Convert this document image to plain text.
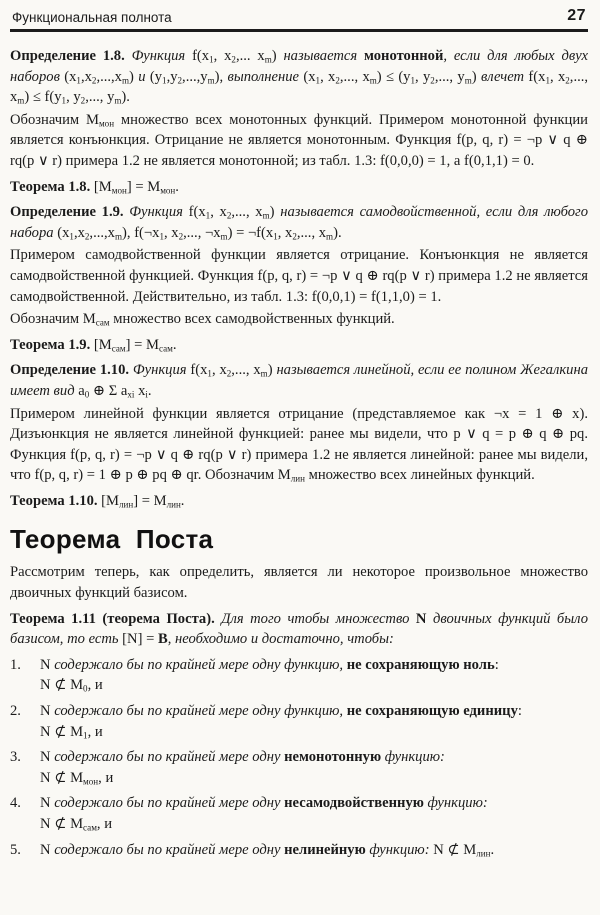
Функциональная полнота	27

Определение 1.8. Функция $f(x_1$, $x_2$,... $x_m$) называется монотонной, если для любых двух наборов $(x_1,x_2,...,x_m)$ и $(y_1,y_2,...,y_m)$, выполнение ($x_1$, $x_2$,..., $x_m) \le (y_1$, $y_2$,..., $y_m$) влечет $f(x_1$, $x_2$,..., $x_m) \le f(y_1$, $y_2$,..., $y_m$).

Обозначим $M_{мон}$ множество всех монотонных функций. Примером монотонной функции является конъюнкция. Отрицание не является монотонным. Функция f(p, q, r) = ¬p ∨ q ⊕ rq(p ∨ r) примера 1.2 не является монотонной; из табл. 1.3: f(0,0,0) = 1, а f(0,1,1) = 0.

Теорема 1.8. $[M_{мон}] = M_{мон}$.

Определение 1.9. Функция $f(x_1$, $x_2$,..., $x_m$) называется самодвойственной, если для любого набора $(x_1,x_2,...,x_m)$, $f(\neg x_1$, $x_2$,..., $\neg x_m$) = $\neg f(x_1$, $x_2$,..., $x_m$).

Примером самодвойственной функции является отрицание. Конъюнкция не является самодвойственной функцией. Функция f(p, q, r) = ¬p ∨ q ⊕ rq(p ∨ r) примера 1.2 не является самодвойственной. Действительно, из табл. 1.3: f(0,0,1) = f(1,1,0) = 1.

Обозначим $M_{сам}$ множество всех самодвойственных функций.

Теорема 1.9. $[M_{сам}] = M_{сам}$.

Определение 1.10. Функция $f(x_1$, $x_2$,..., $x_m$) называется линейной, если ее полином Жегалкина имеет вид $a_0$ ⊕ Σ $a_{xi}$ $x_i$.

Примером линейной функции является отрицание (представляемое как ¬x = 1 ⊕ x). Дизъюнкция не является линейной функцией: ранее мы видели, что p ∨ q = p ⊕ q ⊕ pq. Функция f(p, q, r) = ¬p ∨ q ⊕ rq(p ∨ r) примера 1.2 не является линейной: ранее мы видели, что f(p, q, r) = 1 ⊕ p ⊕ pq ⊕ qr. Обозначим $M_{лин}$ множество всех линейных функций.

Теорема 1.10. $[M_{лин}] = M_{лин}$.

Теорема Поста

Рассмотрим теперь, как определить, является ли некоторое произвольное множество двоичных функций базисом.

Теорема 1.11 (теорема Поста). Для того чтобы множество N двоичных функций было базисом, то есть [N] = B, необходимо и достаточно, чтобы:

1.	N содержало бы по крайней мере одну функцию, не сохраняющую ноль:
N ⊄ $M_0$, и
2.	N содержало бы по крайней мере одну функцию, не сохраняющую единицу:
N ⊄ $M_1$, и
3.	N содержало бы по крайней мере одну немонотонную функцию:
N ⊄ $M_{мон}$, и
4.	N содержало бы по крайней мере одну несамодвойственную функцию:
N ⊄ $M_{сам}$, и
5.	N содержало бы по крайней мере одну нелинейную функцию: N ⊄ $M_{лин}$.
